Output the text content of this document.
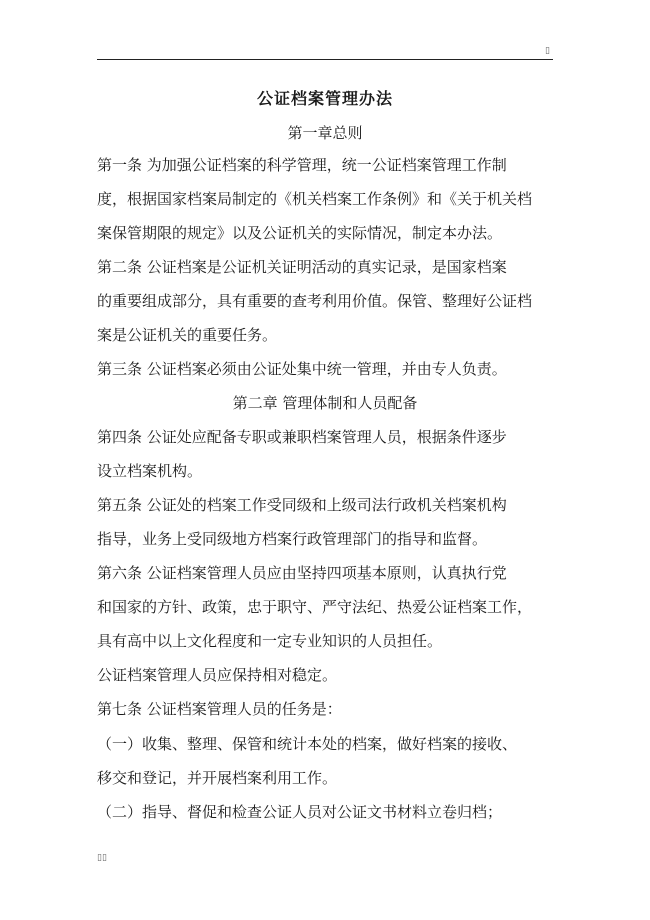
▯
公证档案管理办法
第一章总则
第一条 为加强公证档案的科学管理，统一公证档案管理工作制
度，根据国家档案局制定的《机关档案工作条例》和《关于机关档
案保管期限的规定》以及公证机关的实际情况，制定本办法。
第二条 公证档案是公证机关证明活动的真实记录，是国家档案
的重要组成部分，具有重要的查考利用价值。保管、整理好公证档
案是公证机关的重要任务。
第三条 公证档案必须由公证处集中统一管理，并由专人负责。
第二章 管理体制和人员配备
第四条 公证处应配备专职或兼职档案管理人员，根据条件逐步
设立档案机构。
第五条 公证处的档案工作受同级和上级司法行政机关档案机构
指导，业务上受同级地方档案行政管理部门的指导和监督。
第六条 公证档案管理人员应由坚持四项基本原则，认真执行党
和国家的方针、政策，忠于职守、严守法纪、热爱公证档案工作，
具有高中以上文化程度和一定专业知识的人员担任。
公证档案管理人员应保持相对稳定。
第七条 公证档案管理人员的任务是：
（一）收集、整理、保管和统计本处的档案，做好档案的接收、
移交和登记，并开展档案利用工作。
（二）指导、督促和检查公证人员对公证文书材料立卷归档；
▯▯
